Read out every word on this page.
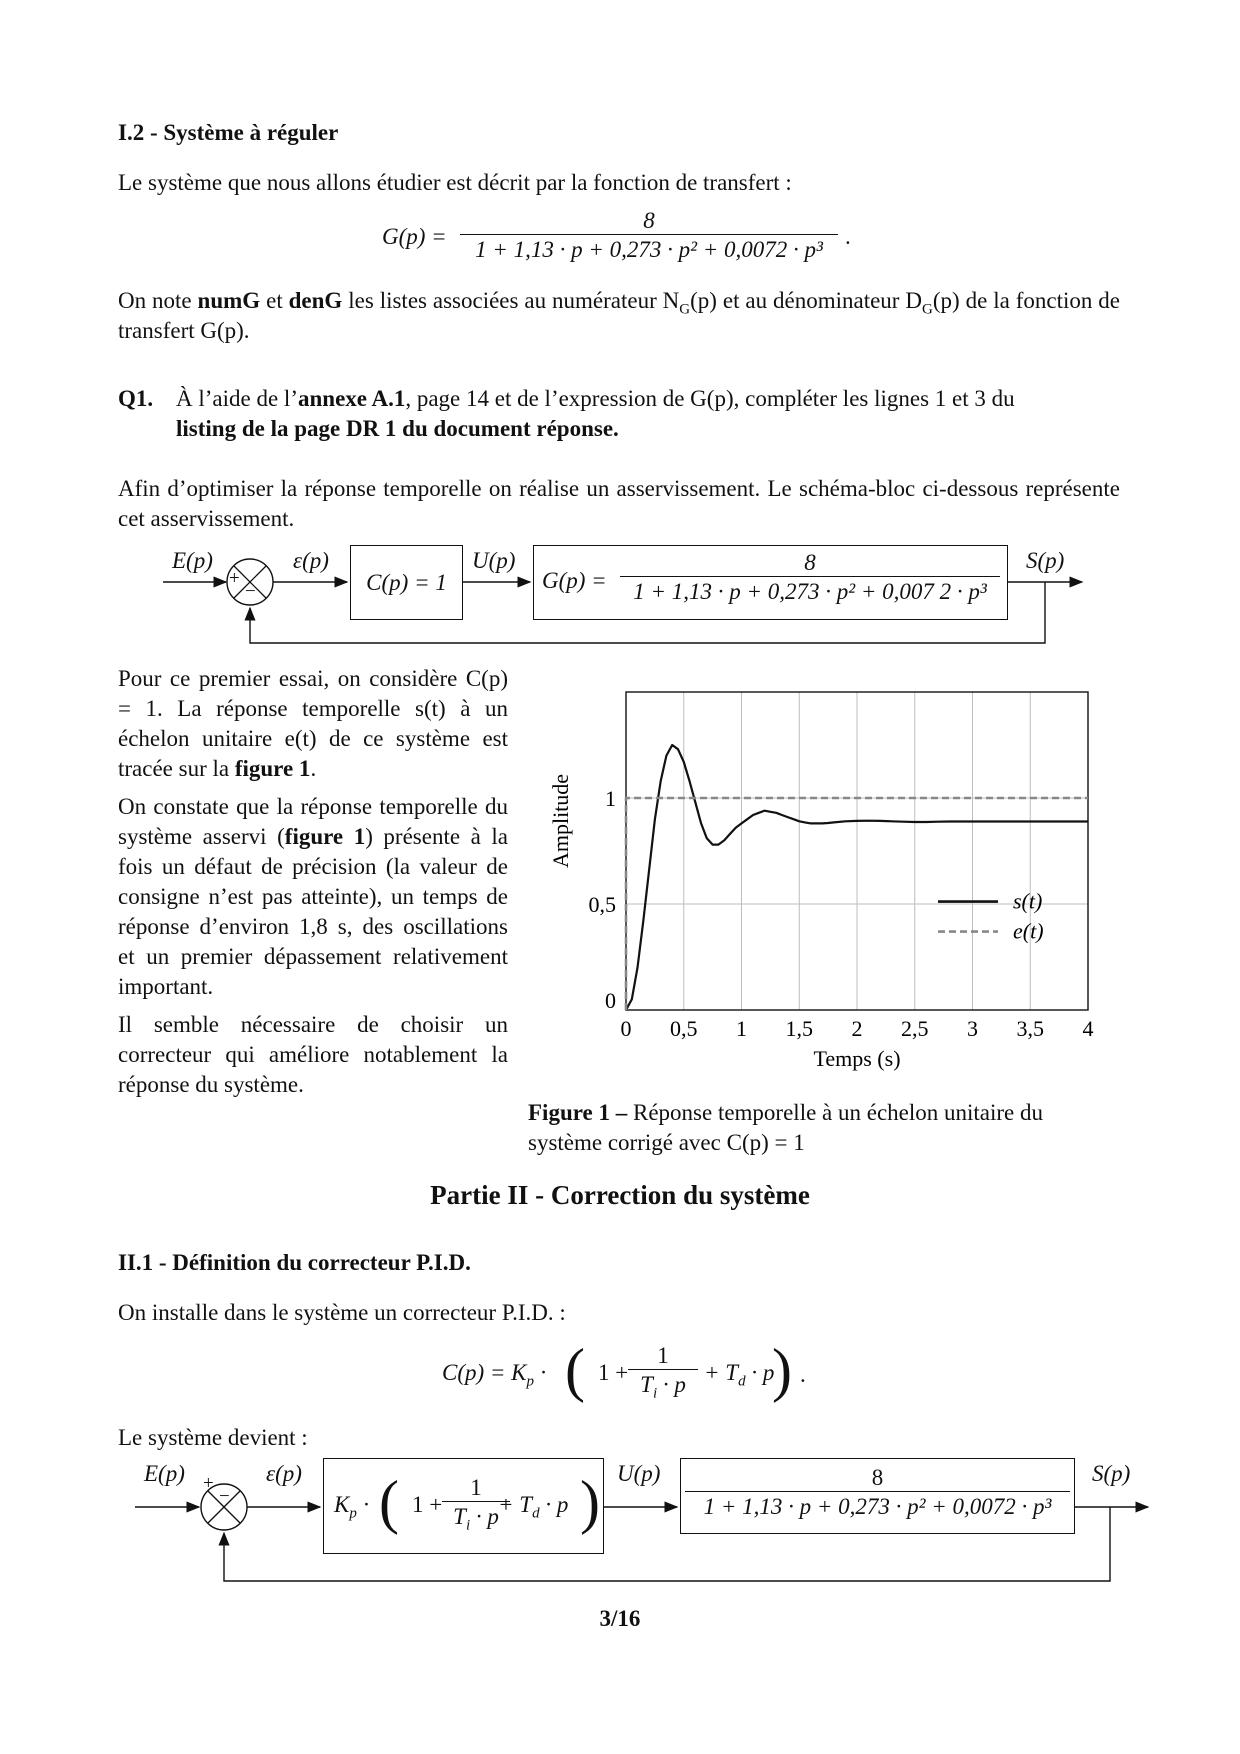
I.2 - Système à réguler
Le système que nous allons étudier est décrit par la fonction de transfert :
$G(p) = \frac{8}{\text{1 + 1,13 · p + 0,273 · p² + 0,0072 · p³}}$ .
On note numG et denG les listes associées au numérateur $N_G(p)$ et au dénominateur $D_G(p)$ de la fonction de transfert G(p).
Q1. À l’aide de l’annexe A.1, page 14 et de l’expression de G(p), compléter les lignes 1 et 3 du
listing de la page DR 1 du document réponse.
Afin d’optimiser la réponse temporelle on réalise un asservissement. Le schéma-bloc ci-dessous représente cet asservissement.
E(p)
+
−
ε(p)
C(p) = 1
U(p)
$G(p) = \frac{8}{\text{1 + 1,13 · p + 0,273 · p² + 0,007 2 · p³}} S(p)$
Pour ce premier essai, on considère C(p) = 1. La réponse temporelle s(t) à un échelon unitaire e(t) de ce système est tracée sur la figure 1.
On constate que la réponse temporelle du système asservi (figure 1) présente à la fois un défaut de précision (la valeur de consigne n’est pas atteinte), un temps de réponse d’environ 1,8 s, des oscillations et un premier dépassement relativement important.
Il semble nécessaire de choisir un correcteur qui améliore notablement la réponse du système.
0 0,5 1 1,5 2 2,5 3 3,5 4
0
0,5
1
Temps (s)
Amplitude
s(t)
e(t)
Figure 1 – Réponse temporelle à un échelon unitaire du système corrigé avec C(p) = 1
Partie II - Correction du système
II.1 - Définition du correcteur P.I.D.
On installe dans le système un correcteur P.I.D. :
$C(p) = K_p$ · ( $1 + \frac{1}{T_i \cdot p} + T_d \cdot p$
) .
Le système devient :
E(p) +
−
ε(p)
$K_p$ · ( $1 + \frac{1}{T_i \cdot p}$
+ $T_d \cdot p$ ) $U(p) \frac{8}{\text{1 + 1,13 · p + 0,273 · p² + 0,0072 · p³}} S(p)$
3/16
